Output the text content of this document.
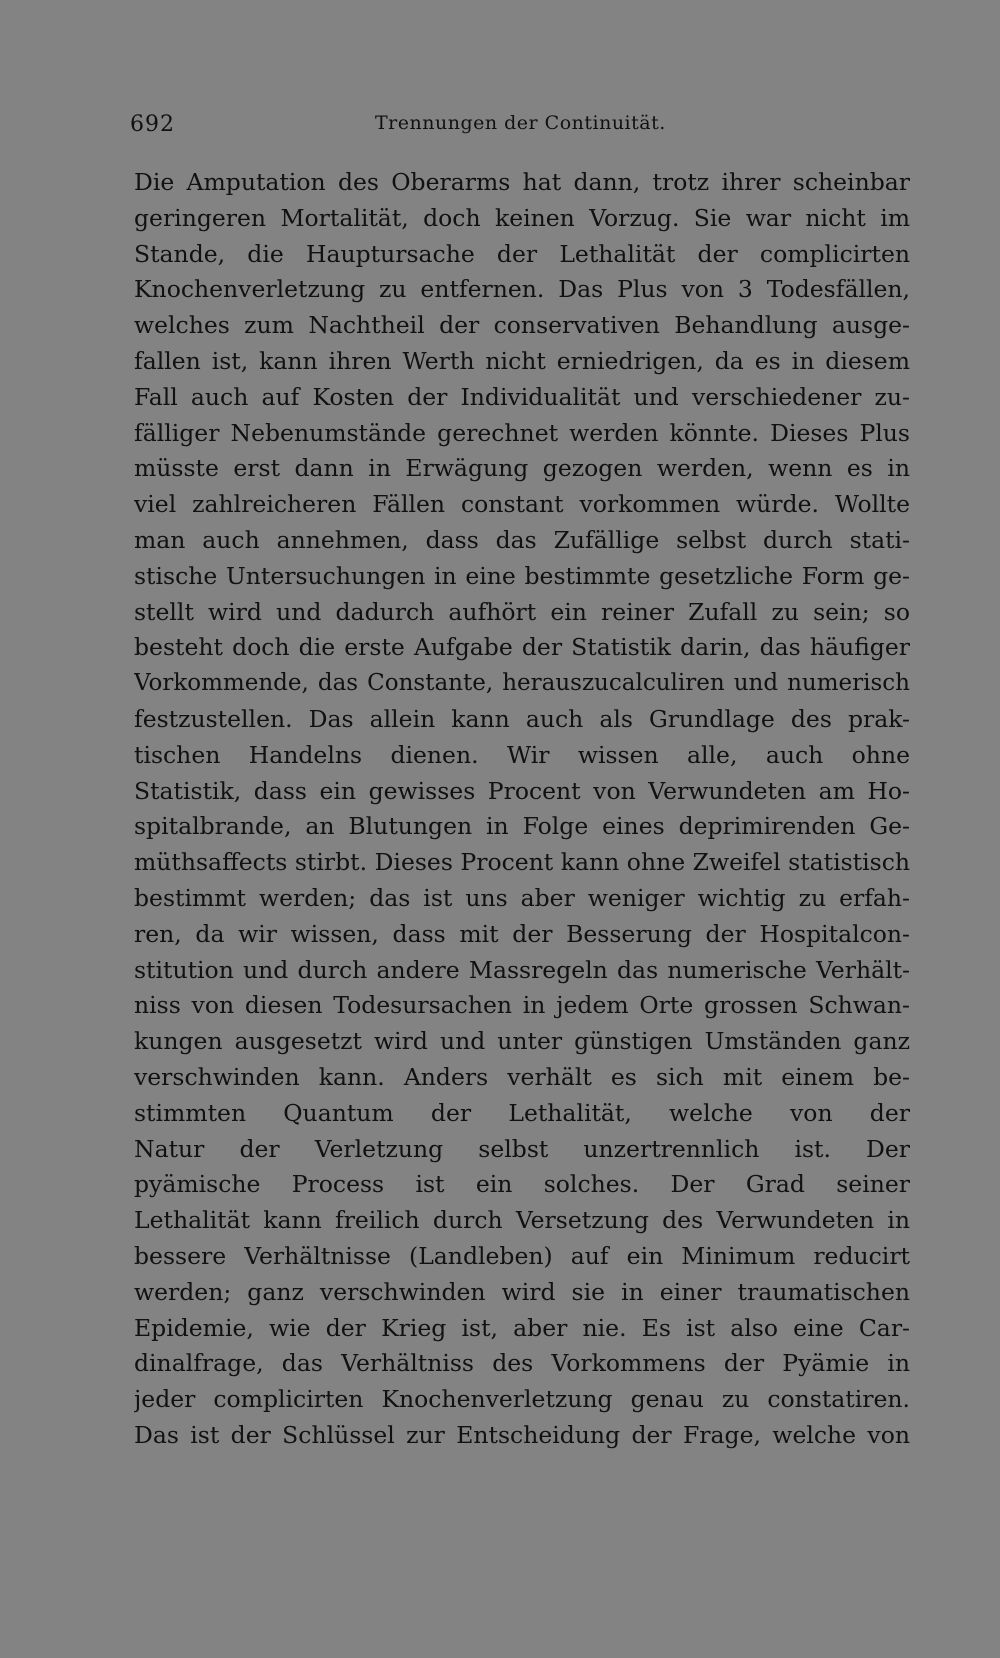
692	Trennungen der Continuität.
Die Amputation des Oberarms hat dann, trotz ihrer scheinbar
geringeren Mortalität, doch keinen Vorzug. Sie war nicht im
Stande, die Hauptursache der Lethalität der complicirten
Knochenverletzung zu entfernen. Das Plus von 3 Todesfällen,
welches zum Nachtheil der conservativen Behandlung ausge-
fallen ist, kann ihren Werth nicht erniedrigen, da es in diesem
Fall auch auf Kosten der Individualität und verschiedener zu-
fälliger Nebenumstände gerechnet werden könnte. Dieses Plus
müsste erst dann in Erwägung gezogen werden, wenn es in
viel zahlreicheren Fällen constant vorkommen würde. Wollte
man auch annehmen, dass das Zufällige selbst durch stati-
stische Untersuchungen in eine bestimmte gesetzliche Form ge-
stellt wird und dadurch aufhört ein reiner Zufall zu sein; so
besteht doch die erste Aufgabe der Statistik darin, das häufiger
Vorkommende, das Constante, herauszucalculiren und numerisch
festzustellen. Das allein kann auch als Grundlage des prak-
tischen Handelns dienen. Wir wissen alle, auch ohne
Statistik, dass ein gewisses Procent von Verwundeten am Ho-
spitalbrande, an Blutungen in Folge eines deprimirenden Ge-
müthsaffects stirbt. Dieses Procent kann ohne Zweifel statistisch
bestimmt werden; das ist uns aber weniger wichtig zu erfah-
ren, da wir wissen, dass mit der Besserung der Hospitalcon-
stitution und durch andere Massregeln das numerische Verhält-
niss von diesen Todesursachen in jedem Orte grossen Schwan-
kungen ausgesetzt wird und unter günstigen Umständen ganz
verschwinden kann. Anders verhält es sich mit einem be-
stimmten Quantum der Lethalität, welche von der
Natur der Verletzung selbst unzertrennlich ist. Der
pyämische Process ist ein solches. Der Grad seiner
Lethalität kann freilich durch Versetzung des Verwundeten in
bessere Verhältnisse (Landleben) auf ein Minimum reducirt
werden; ganz verschwinden wird sie in einer traumatischen
Epidemie, wie der Krieg ist, aber nie. Es ist also eine Car-
dinalfrage, das Verhältniss des Vorkommens der Pyämie in
jeder complicirten Knochenverletzung genau zu constatiren.
Das ist der Schlüssel zur Entscheidung der Frage, welche von
